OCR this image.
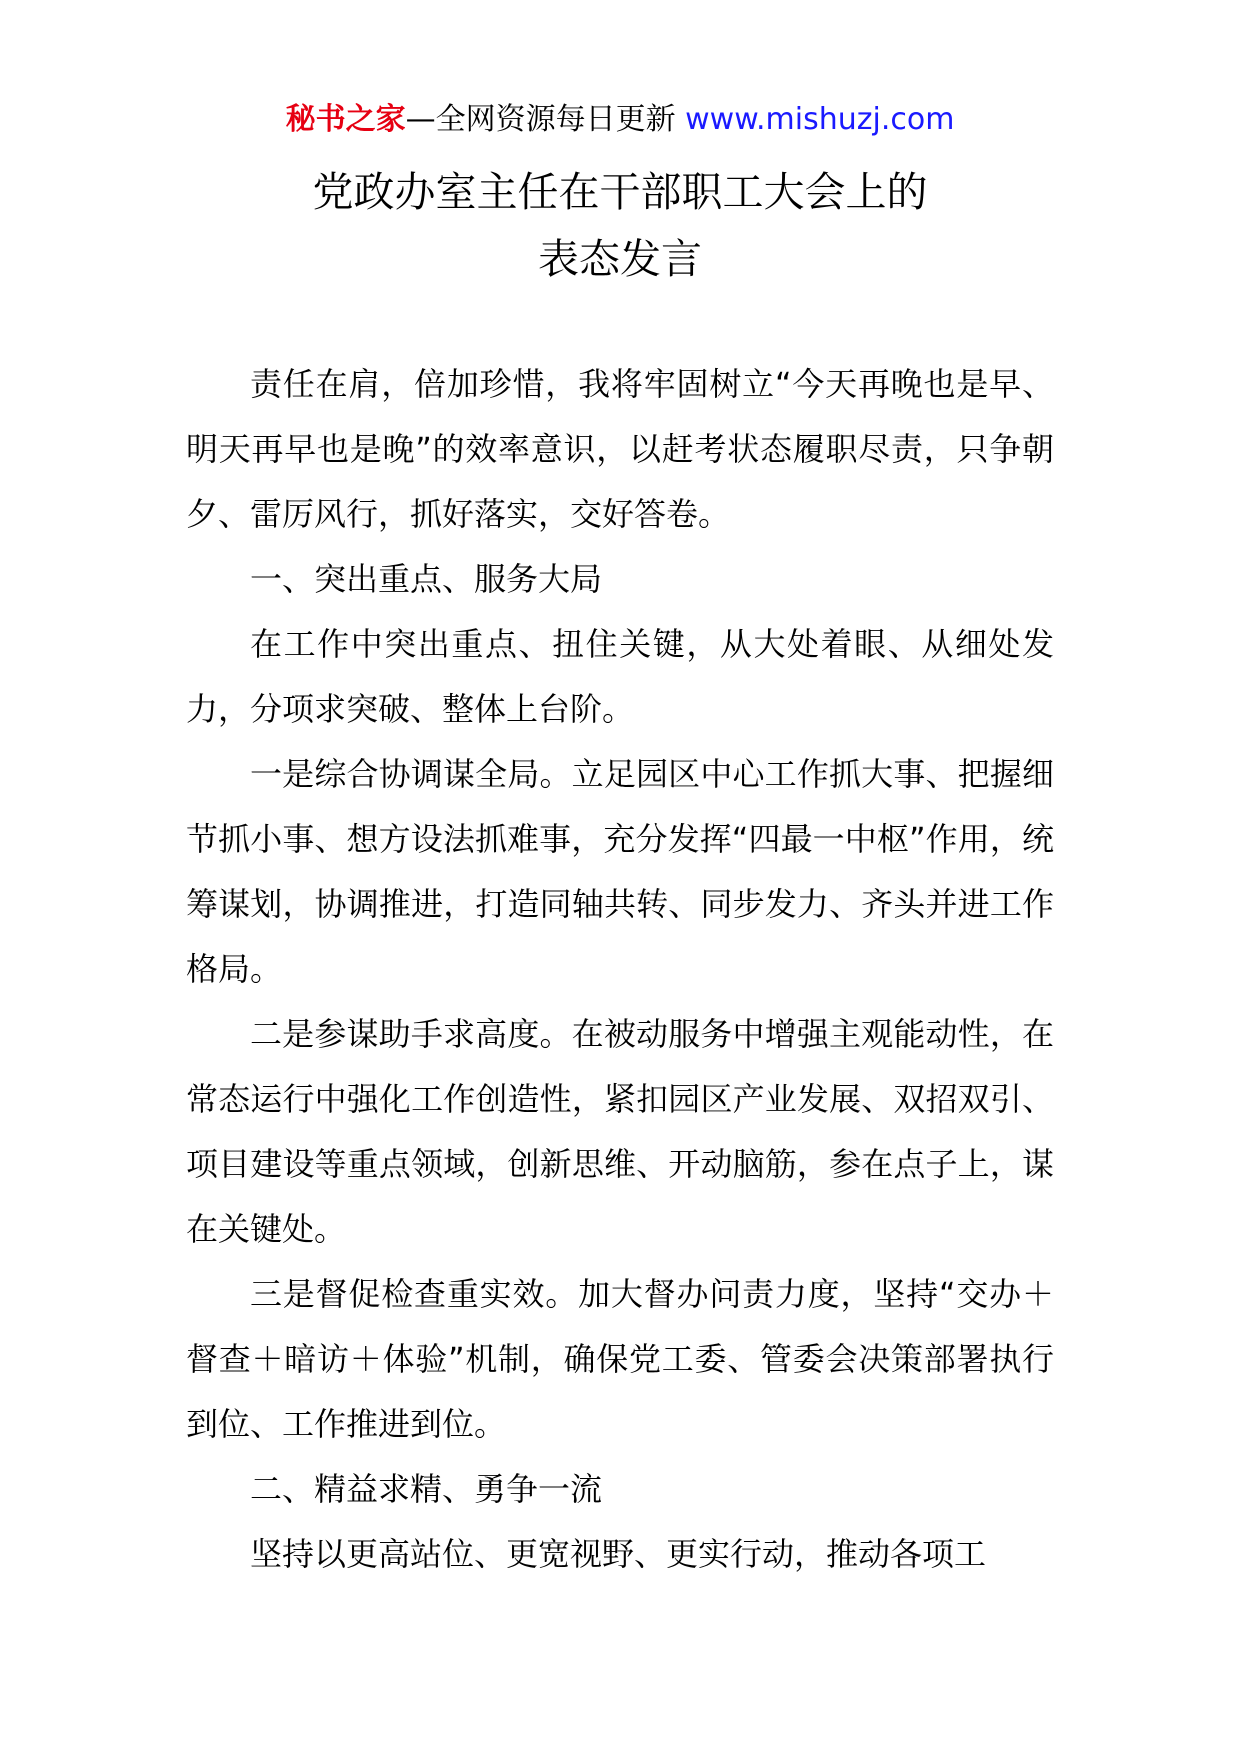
秘书之家—全网资源每日更新 www.mishuzj.com
党政办室主任在干部职工大会上的
表态发言

责任在肩，倍加珍惜，我将牢固树立“今天再晚也是早、明天再早也是晚”的效率意识，以赶考状态履职尽责，只争朝夕、雷厉风行，抓好落实，交好答卷。

一、突出重点、服务大局

在工作中突出重点、扭住关键，从大处着眼、从细处发力，分项求突破、整体上台阶。

一是综合协调谋全局。立足园区中心工作抓大事、把握细节抓小事、想方设法抓难事，充分发挥“四最一中枢”作用，统筹谋划，协调推进，打造同轴共转、同步发力、齐头并进工作格局。

二是参谋助手求高度。在被动服务中增强主观能动性，在常态运行中强化工作创造性，紧扣园区产业发展、双招双引、项目建设等重点领域，创新思维、开动脑筋，参在点子上，谋在关键处。

三是督促检查重实效。加大督办问责力度，坚持“交办＋督查＋暗访＋体验”机制，确保党工委、管委会决策部署执行到位、工作推进到位。

二、精益求精、勇争一流

坚持以更高站位、更宽视野、更实行动，推动各项工
